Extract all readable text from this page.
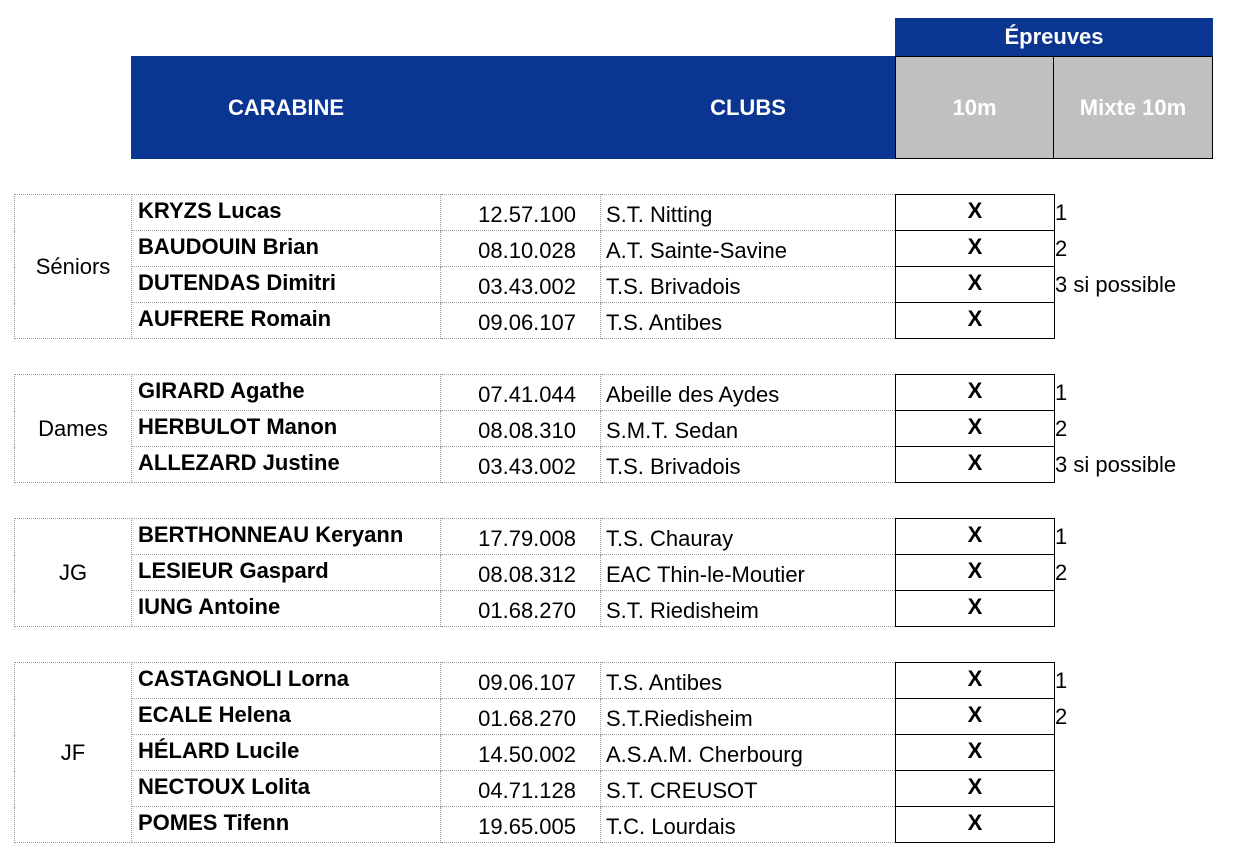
Épreuves
CARABINE	CLUBS	10m	Mixte 10m
Séniors	KRYZS Lucas	12.57.100	S.T. Nitting	X	1
	BAUDOUIN Brian	08.10.028	A.T. Sainte-Savine	X	2
	DUTENDAS Dimitri	03.43.002	T.S. Brivadois	X	3 si possible
	AUFRERE Romain	09.06.107	T.S. Antibes	X	
Dames	GIRARD Agathe	07.41.044	Abeille des Aydes	X	1
	HERBULOT Manon	08.08.310	S.M.T. Sedan	X	2
	ALLEZARD Justine	03.43.002	T.S. Brivadois	X	3 si possible
JG	BERTHONNEAU Keryann	17.79.008	T.S. Chauray	X	1
	LESIEUR Gaspard	08.08.312	EAC Thin-le-Moutier	X	2
	IUNG Antoine	01.68.270	S.T. Riedisheim	X	
JF	CASTAGNOLI Lorna	09.06.107	T.S. Antibes	X	1
	ECALE Helena	01.68.270	S.T.Riedisheim	X	2
	HÉLARD Lucile	14.50.002	A.S.A.M. Cherbourg	X	
	NECTOUX Lolita	04.71.128	S.T. CREUSOT	X	
	POMES Tifenn	19.65.005	T.C. Lourdais	X	
